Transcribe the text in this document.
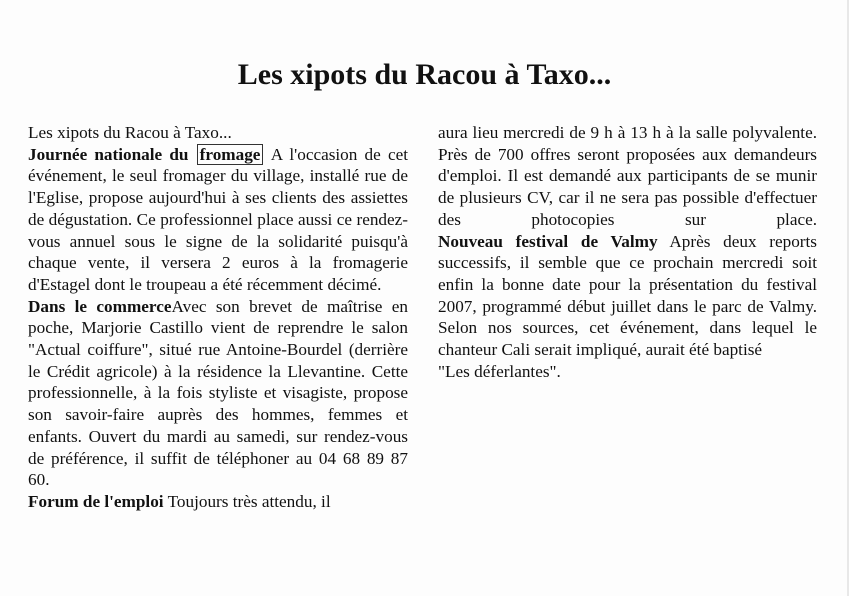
Les xipots du Racou à Taxo...

Les xipots du Racou à Taxo...

Journée nationale du fromage A l'occasion de cet événement, le seul fromager du village, installé rue de l'Eglise, propose aujourd'hui à ses clients des assiettes de dégustation. Ce professionnel place aussi ce rendez-vous annuel sous le signe de la solidarité puisqu'à chaque vente, il versera 2 euros à la fromagerie d'Estagel dont le troupeau a été récemment décimé.

Dans le commerceAvec son brevet de maîtrise en poche, Marjorie Castillo vient de reprendre le salon "Actual coiffure", situé rue Antoine-Bourdel (derrière le Crédit agricole) à la résidence la Llevantine. Cette professionnelle, à la fois styliste et visagiste, propose son savoir-faire auprès des hommes, femmes et enfants. Ouvert du mardi au samedi, sur rendez-vous de préférence, il suffit de téléphoner au 04 68 89 87 60.

Forum de l'emploi Toujours très attendu, il

aura lieu mercredi de 9 h à 13 h à la salle polyvalente. Près de 700 offres seront proposées aux demandeurs d'emploi. Il est demandé aux participants de se munir de plusieurs CV, car il ne sera pas possible d'effectuer des photocopies sur place.

Nouveau festival de Valmy Après deux reports successifs, il semble que ce prochain mercredi soit enfin la bonne date pour la présentation du festival 2007, programmé début juillet dans le parc de Valmy. Selon nos sources, cet événement, dans lequel le chanteur Cali serait impliqué, aurait été baptisé

"Les déferlantes".
